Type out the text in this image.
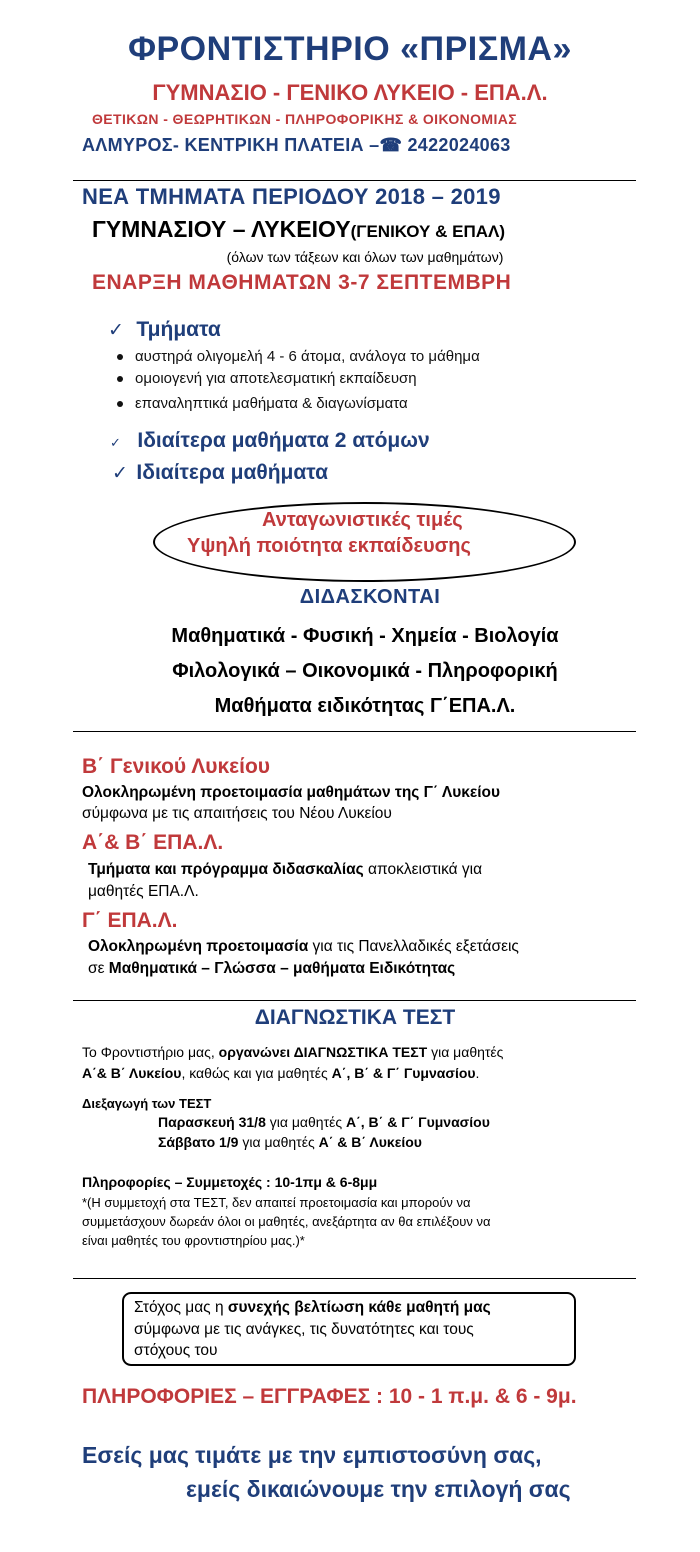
ΦΡΟΝΤΙΣΤΗΡΙΟ «ΠΡΙΣΜΑ»
ΓΥΜΝΑΣΙΟ - ΓΕΝΙΚΟ ΛΥΚΕΙΟ - ΕΠΑ.Λ.
ΘΕΤΙΚΩΝ - ΘΕΩΡΗΤΙΚΩΝ - ΠΛΗΡΟΦΟΡΙΚΗΣ & ΟΙΚΟΝΟΜΙΑΣ
ΑΛΜΥΡΟΣ- ΚΕΝΤΡΙΚΗ ΠΛΑΤΕΙΑ –☎ 2422024063
ΝΕΑ ΤΜΗΜΑΤΑ ΠΕΡΙΟΔΟΥ 2018 – 2019
ΓΥΜΝΑΣΙΟΥ – ΛΥΚΕΙΟΥ(ΓΕΝΙΚΟΥ & ΕΠΑΛ)
(όλων των τάξεων και όλων των μαθημάτων)
ΕΝΑΡΞΗ ΜΑΘΗΜΑΤΩΝ 3-7 ΣΕΠΤΕΜΒΡΗ
✓ Τμήματα
αυστηρά ολιγομελή 4 - 6 άτομα, ανάλογα το μάθημα
ομοιογενή για αποτελεσματική εκπαίδευση
επαναληπτικά μαθήματα & διαγωνίσματα
✓ Ιδιαίτερα μαθήματα 2 ατόμων
✓ Ιδιαίτερα μαθήματα
Ανταγωνιστικές τιμές
Υψηλή ποιότητα εκπαίδευσης
ΔΙΔΑΣΚΟΝΤΑΙ
Μαθηματικά - Φυσική - Χημεία - Βιολογία
Φιλολογικά – Οικονομικά - Πληροφορική
Μαθήματα ειδικότητας Γ΄ΕΠΑ.Λ.
Β΄ Γενικού Λυκείου
Ολοκληρωμένη προετοιμασία μαθημάτων της Γ΄ Λυκείου
σύμφωνα με τις απαιτήσεις του Νέου Λυκείου
Α΄& Β΄ ΕΠΑ.Λ.
Τμήματα και πρόγραμμα διδασκαλίας αποκλειστικά για
μαθητές ΕΠΑ.Λ.
Γ΄ ΕΠΑ.Λ.
Ολοκληρωμένη προετοιμασία για τις Πανελλαδικές εξετάσεις
σε Μαθηματικά – Γλώσσα – μαθήματα Ειδικότητας
ΔΙΑΓΝΩΣΤΙΚΑ ΤΕΣΤ
Το Φροντιστήριο μας, οργανώνει ΔΙΑΓΝΩΣΤΙΚΑ ΤΕΣΤ για μαθητές
Α΄& Β΄ Λυκείου, καθώς και για μαθητές Α΄, Β΄ & Γ΄ Γυμνασίου.
Διεξαγωγή των ΤΕΣΤ
Παρασκευή 31/8 για μαθητές Α΄, Β΄ & Γ΄ Γυμνασίου
Σάββατο 1/9 για μαθητές Α΄ & Β΄ Λυκείου
Πληροφορίες – Συμμετοχές : 10-1πμ & 6-8μμ
*(Η συμμετοχή στα ΤΕΣΤ, δεν απαιτεί προετοιμασία και μπορούν να
συμμετάσχουν δωρεάν όλοι οι μαθητές, ανεξάρτητα αν θα επιλέξουν να
είναι μαθητές του φροντιστηρίου μας.)*
Στόχος μας η συνεχής βελτίωση κάθε μαθητή μας
σύμφωνα με τις ανάγκες, τις δυνατότητες και τους
στόχους του
ΠΛΗΡΟΦΟΡΙΕΣ – ΕΓΓΡΑΦΕΣ : 10 - 1 π.μ. & 6 - 9μ.
Εσείς μας τιμάτε με την εμπιστοσύνη σας,
εμείς δικαιώνουμε την επιλογή σας
